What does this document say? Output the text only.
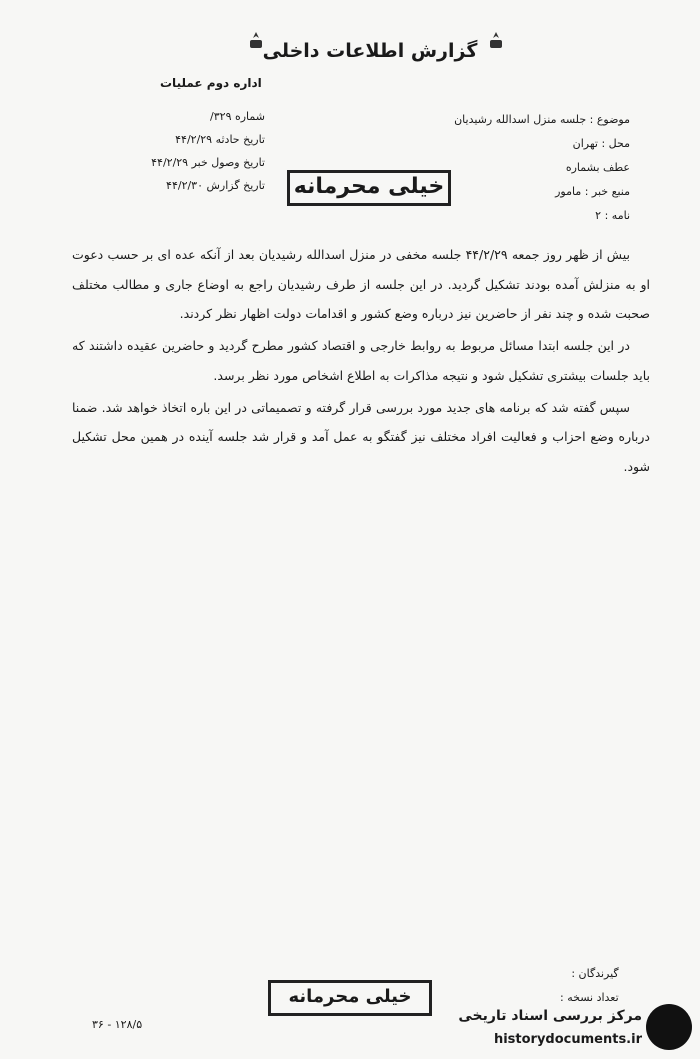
گزارش اطلاعات داخلی
اداره دوم عملیات
شماره ۳۲۹/
تاریخ حادثه ۴۴/۲/۲۹
تاریخ وصول خبر ۴۴/۲/۲۹
تاریخ گزارش ۴۴/۲/۳۰
موضوع : جلسه منزل اسدالله رشیدیان
محل : تهران
عطف بشماره
منبع خبر : مامور
نامه : ۲
خیلی محرمانه

بیش از ظهر روز جمعه ۴۴/۲/۲۹ جلسه مخفی در منزل اسدالله رشیدیان بعد از آنکه عده ای بر حسب دعوت او به منزلش آمده بودند تشکیل گردید. در این جلسه از طرف رشیدیان راجع به اوضاع جاری و مطالب مختلف صحبت شده و چند نفر از حاضرین نیز درباره وضع کشور و اقدامات دولت اظهار نظر کردند.

در این جلسه ابتدا مسائل مربوط به روابط خارجی و اقتصاد کشور مطرح گردید و حاضرین عقیده داشتند که باید جلسات بیشتری تشکیل شود و نتیجه مذاکرات به اطلاع اشخاص مورد نظر برسد.

سپس گفته شد که برنامه های جدید مورد بررسی قرار گرفته و تصمیماتی در این باره اتخاذ خواهد شد. ضمنا درباره وضع احزاب و فعالیت افراد مختلف نیز گفتگو به عمل آمد و قرار شد جلسه آینده در همین محل تشکیل شود.

گیرندگان :
تعداد نسخه :
خیلی محرمانه
۳۶ - ۱۲۸/۵
مرکز بررسی اسناد تاریخی
historydocuments.ir
